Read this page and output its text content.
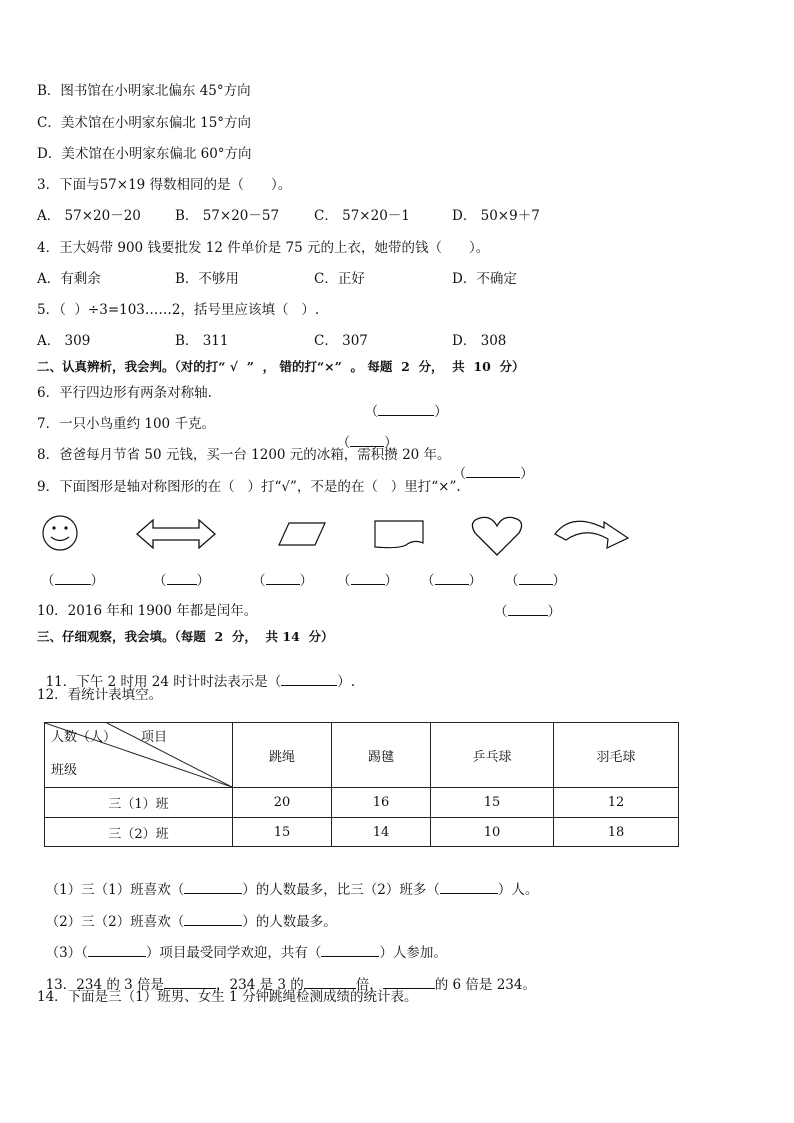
B．图书馆在小明家北偏东 45°方向
C．美术馆在小明家东偏北 15°方向
D．美术馆在小明家东偏北 60°方向
3．下面与57×19 得数相同的是（　　）。
A． 57×20－20	B． 57×20－57	C． 57×20－1	D． 50×9＋7
4．王大妈带 900 钱要批发 12 件单价是 75 元的上衣，她带的钱（　　）。
A．有剩余	B．不够用	C．正好	D．不确定
5．（  ）÷3=103……2，括号里应该填（   ）.
A． 309	B． 311	C． 307	D． 308
二、认真辨析，我会判。（对的打“ √  ”  ， 错的打“×”  。 每题  2  分，  共  10  分）
6．平行四边形有两条对称轴.

（	）

7．一只小鸟重约 100 千克。

（	）

8．爸爸每月节省 50 元钱，买一台 1200 元的冰箱，需积攒 20 年。

（	）

9．下面图形是轴对称图形的在（   ）打“√”，不是的在（   ）里打“×”.
（	）	（ ）	（	） （	） （	） （	）
10．2016 年和 1900 年都是闰年。	（	）
三、仔细观察，我会填。（每题  2  分，  共 14  分）

11．下午 2 时用 24 时计时法表示是（	）.

12．看统计表填空。
人数（人） 项目
班级	跳绳	踢毽	乒乓球	羽毛球
三（1）班	20	16	15	12
三（2）班	15	14	10	18

（1）三（1）班喜欢（	）的人数最多，比三（2）班多（	）人。

（2）三（2）班喜欢（	）的人数最多。

（3）（	）项目最受同学欢迎，共有（	）人参加。

13．234 的 3 倍是	，234 是 3 的	倍，	的 6 倍是 234。

14．下面是三（1）班男、女生 1 分钟跳绳检测成绩的统计表。
